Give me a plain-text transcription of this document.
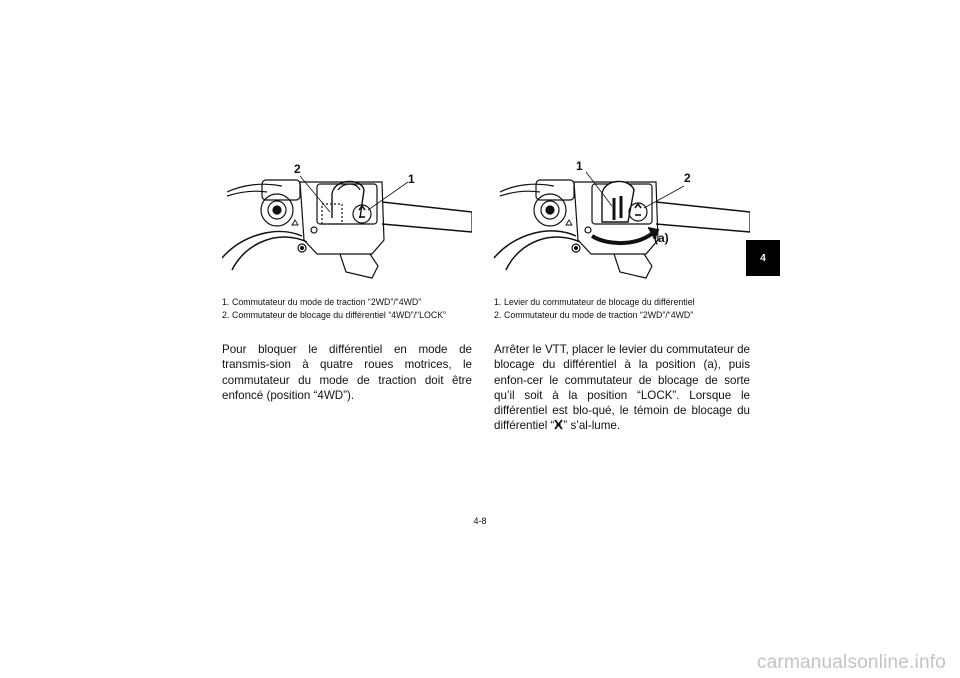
2
1
1
2
(a)
1. Commutateur du mode de traction “2WD”/“4WD”
2. Commutateur de blocage du différentiel “4WD”/“LOCK”
1. Levier du commutateur de blocage du différentiel
2. Commutateur du mode de traction “2WD”/“4WD”

Pour bloquer le différentiel en mode de transmis-sion à quatre roues motrices, le commutateur du mode de traction doit être enfoncé (position “4WD”).

Arrêter le VTT, placer le levier du commutateur de blocage du différentiel à la position (a), puis enfon-cer le commutateur de blocage de sorte qu’il soit à la position “LOCK”. Lorsque le différentiel est blo-qué, le témoin de blocage du différentiel “ ” s’al-lume.

4
4-8
carmanualsonline.info
